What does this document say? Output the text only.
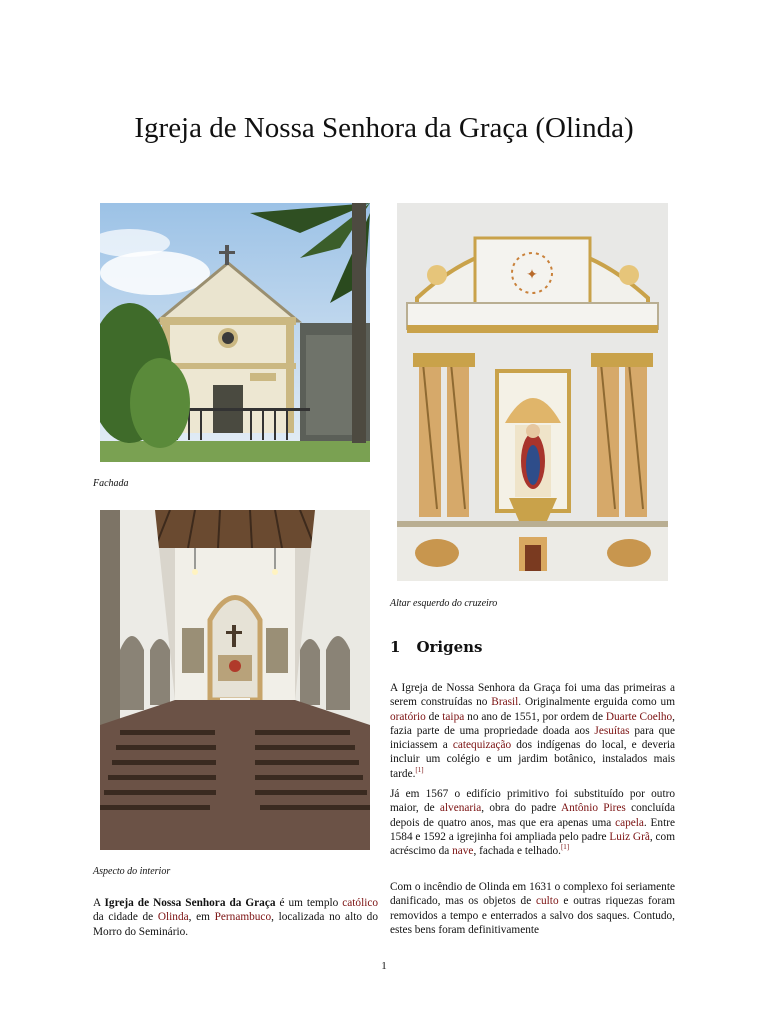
Igreja de Nossa Senhora da Graça (Olinda)

Fachada

✦

Altar esquerdo do cruzeiro

Aspecto do interior

A Igreja de Nossa Senhora da Graça é um templo católico da cidade de Olinda, em Pernambuco, localizada no alto do Morro do Seminário.

1 Origens

A Igreja de Nossa Senhora da Graça foi uma das primeiras a serem construídas no Brasil. Originalmente erguida como um oratório de taipa no ano de 1551, por ordem de Duarte Coelho, fazia parte de uma propriedade doada aos Jesuítas para que iniciassem a catequização dos indígenas do local, e deveria incluir um colégio e um jardim botânico, instalados mais tarde.[1]

Já em 1567 o edifício primitivo foi substituído por outro maior, de alvenaria, obra do padre Antônio Pires concluída depois de quatro anos, mas que era apenas uma capela. Entre 1584 e 1592 a igrejinha foi ampliada pelo padre Luiz Grã, com acréscimo da nave, fachada e telhado.[1]

Com o incêndio de Olinda em 1631 o complexo foi seriamente danificado, mas os objetos de culto e outras riquezas foram removidos a tempo e enterrados a salvo dos saques. Contudo, estes bens foram definitivamente

1
